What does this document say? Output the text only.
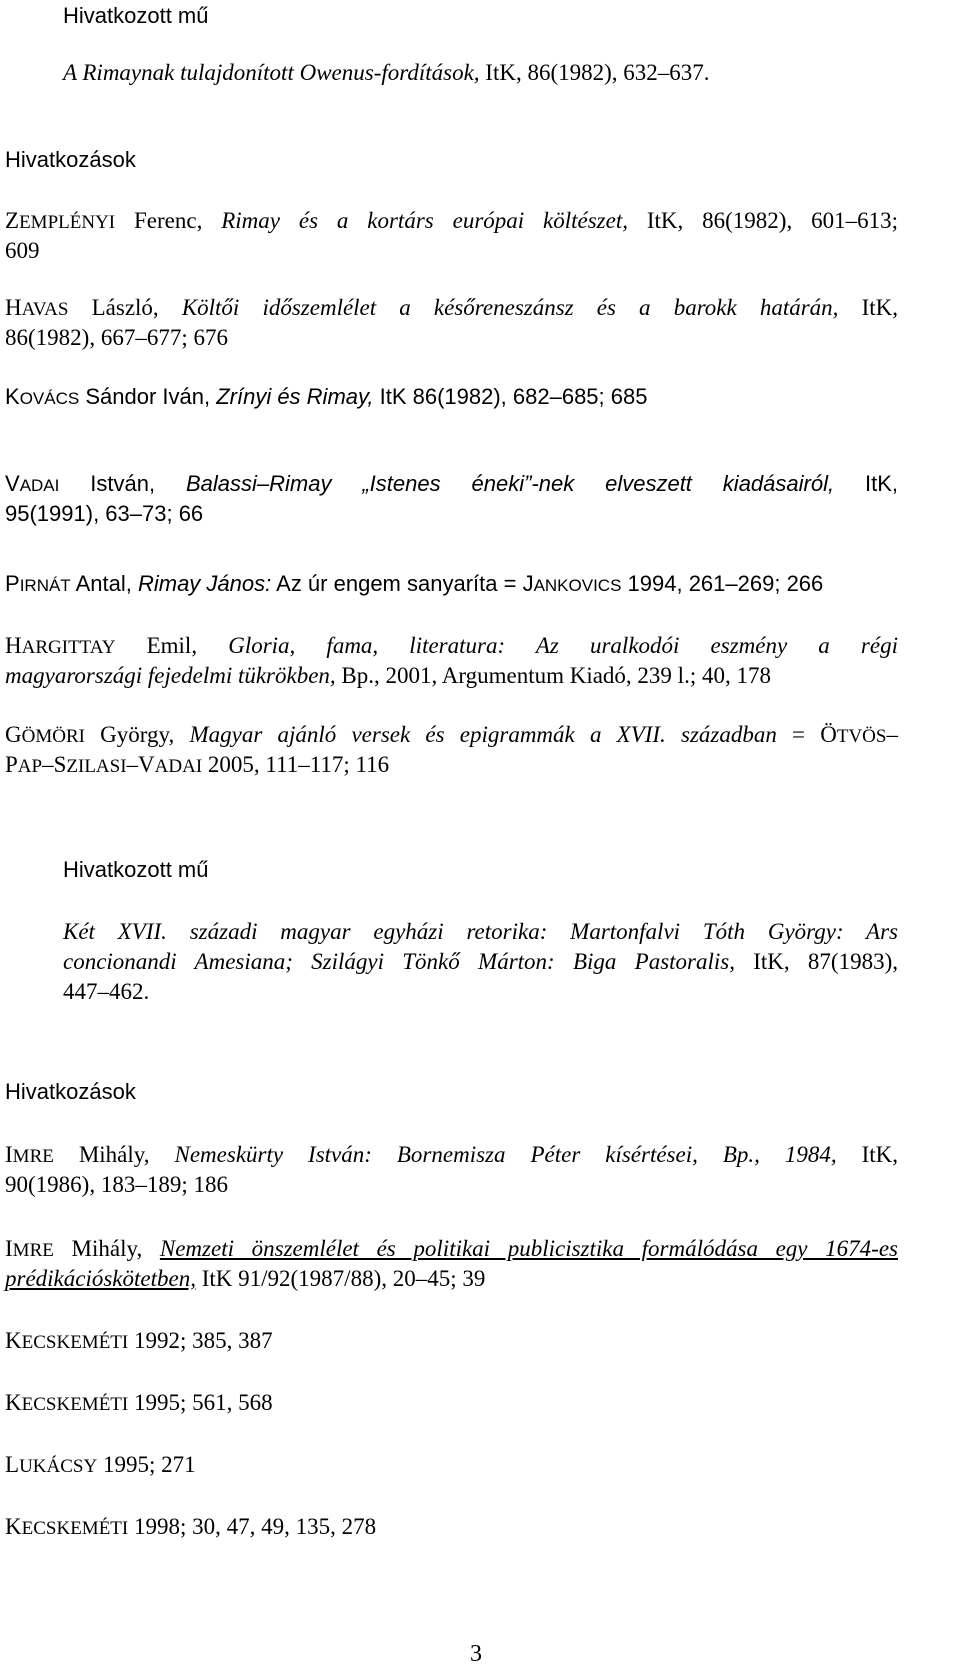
Hivatkozott mű
A Rimaynak tulajdonított Owenus-fordítások, ItK, 86(1982), 632–637.
Hivatkozások
ZEMPLÉNYI Ferenc, Rimay és a kortárs európai költészet, ItK, 86(1982), 601–613;
609
HAVAS László, Költői időszemlélet a későreneszánsz és a barokk határán, ItK,
86(1982), 667–677; 676
KOVÁCS Sándor Iván, Zrínyi és Rimay, ItK 86(1982), 682–685; 685
VADAI István, Balassi–Rimay „Istenes éneki”-nek elveszett kiadásairól, ItK,
95(1991), 63–73; 66
PIRNÁT Antal, Rimay János: Az úr engem sanyaríta = JANKOVICS 1994, 261–269; 266
HARGITTAY Emil, Gloria, fama, literatura: Az uralkodói eszmény a régi
magyarországi fejedelmi tükrökben, Bp., 2001, Argumentum Kiadó, 239 l.; 40, 178
GÖMÖRI György, Magyar ajánló versek és epigrammák a XVII. században = ÖTVÖS–
PAP–SZILASI–VADAI 2005, 111–117; 116
Hivatkozott mű
Két XVII. századi magyar egyházi retorika: Martonfalvi Tóth György: Ars
concionandi Amesiana; Szilágyi Tönkő Márton: Biga Pastoralis, ItK, 87(1983),
447–462.
Hivatkozások
IMRE Mihály, Nemeskürty István: Bornemisza Péter kísértései, Bp., 1984, ItK,
90(1986), 183–189; 186
IMRE Mihály, Nemzeti önszemlélet és politikai publicisztika formálódása egy 1674-es
prédikációskötetben, ItK 91/92(1987/88), 20–45; 39
KECSKEMÉTI 1992; 385, 387
KECSKEMÉTI 1995; 561, 568
LUKÁCSY 1995; 271
KECSKEMÉTI 1998; 30, 47, 49, 135, 278
3
